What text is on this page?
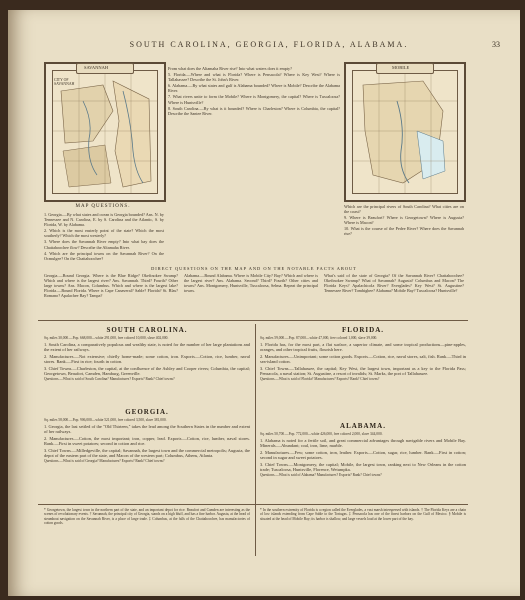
SOUTH CAROLINA, GEORGIA, FLORIDA, ALABAMA.	33
SAVANNAH
CITY OF SAVANNAH
MOBILE

From what does the Altamaha River rise? Into what waters does it empty?

5. Florida.—Where and what is Florida? Where is Pensacola? Where is Key West? Where is Tallahassee? Describe the St. John's River.

6. Alabama.—By what states and gulf is Alabama bounded? Where is Mobile? Describe the Alabama River.

7. What rivers unite to form the Mobile? Where is Montgomery, the capital? Where is Tuscaloosa? Where is Huntsville?

8. South Carolina.—By what is it bounded? Where is Charleston? Where is Columbia, the capital? Describe the Santee River.

MAP QUESTIONS.

1. Georgia.—By what states and ocean is Georgia bounded? Ans. N. by Tennessee and N. Carolina, E. by S. Carolina and the Atlantic, S. by Florida, W. by Alabama.

2. Which is the most easterly point of the state? Which the most southerly? Which the most westerly?

3. Where does the Savannah River empty? Into what bay does the Chattahoochee flow? Describe the Altamaha River.

4. Which are the principal towns on the Savannah River? On the Ocmulgee? On the Chattahoochee?

Which are the principal rivers of South Carolina? What cities are on the coast?

9. Where is Beaufort? Where is Georgetown? Where is Augusta? Where is Macon?

10. What is the course of the Pedee River? Where does the Savannah rise?

DIRECT QUESTIONS ON THE MAP AND ON THE NOTABLE FACTS ABOUT
Georgia.—Bound Georgia. Where is the Blue Ridge? Okefinokee Swamp? Which and where is the largest river? Ans. Savannah. Third? Fourth? Other large towns? Ans. Macon, Columbus. Which and where is the largest lake? Florida.—Bound Florida. Where is Cape Canaveral? Sable? Florida? St. Blas? Romano? Apalachee Bay? Tampa?
Alabama.—Bound Alabama. Where is Mobile City? Bay? Which and where is the largest river? Ans. Alabama. Second? Third? Fourth? Other cities and towns? Ans. Montgomery, Huntsville, Tuscaloosa, Selma. Repeat the principal towns.
What's said of the state of Georgia? Of the Savannah River? Chattahoochee? Okefinokee Swamp? What of Savannah? Augusta? Columbus and Macon? The Florida Keys? Apalachicola River? Everglades? Key West? St. Augustine? Tennessee River? Tombigbee? Alabama? Mobile Bay? Tuscaloosa? Huntsville?
SOUTH CAROLINA.
Sq. miles 30,000.—Pop. 668,000—white 291,000, free colored 10,000, slave 402,000.

1. South Carolina, a comparatively populous and wealthy state, is noted for the number of her large plantations and the extent of her railways.

2. Manufactures.—Not extensive; chiefly home-made; some cotton, iron. Exports.—Cotton, rice, lumber, naval stores. Rank.—First in rice; fourth in cotton.

3. Chief Towns.—Charleston, the capital, at the confluence of the Ashley and Cooper rivers; Columbia, the capital; Georgetown, Beaufort, Camden, Hamburg, Greenville.

Questions.—What is said of South Carolina? Manufactures? Exports? Rank? Chief towns?

GEORGIA.
Sq. miles 58,000.—Pop. 906,000—white 521,000, free colored 3,500, slave 381,000.

1. Georgia, the last settled of the "Old Thirteen," takes the lead among the Southern States in the number and extent of her railways.

2. Manufactures.—Cotton, the most important; iron, copper, lead. Exports.—Cotton, rice, lumber, naval stores. Rank.—First in sweet potatoes; second in cotton and rice.

3. Chief Towns.—Milledgeville, the capital; Savannah, the largest town and the commercial metropolis; Augusta, the depot of the eastern part of the state, and Macon of the western part; Columbus, Athens, Atlanta.

Questions.—What is said of Georgia? Manufactures? Exports? Rank? Chief towns?

FLORIDA.
Sq. miles 59,000.—Pop. 87,000—white 47,000, free colored 1,000, slave 39,000.

1. Florida has, for the most part, a flat surface, a superior climate, and some tropical productions—pine-apples, oranges, and other tropical fruits, flourish here.

2. Manufactures.—Unimportant; some cotton goods. Exports.—Cotton, rice, naval stores, salt, fish. Rank.—Third in sea-island cotton.

3. Chief Towns.—Tallahassee, the capital; Key West, the largest town, important as a key to the Florida Pass; Pensacola, a naval station; St. Augustine, a resort of invalids; St. Marks, the port of Tallahassee.

Questions.—What is said of Florida? Manufactures? Exports? Rank? Chief towns?

ALABAMA.
Sq. miles 50,700.—Pop. 772,000—white 426,000, free colored 2,000, slave 344,000.

1. Alabama is noted for a fertile soil, and great commercial advantages through navigable rivers and Mobile Bay. Minerals.—Abundant; coal, iron, lime, marble.

2. Manufactures.—Few; some cotton, iron, leather. Exports.—Cotton, sugar, rice, lumber. Rank.—First in cotton; second in sugar and sweet potatoes.

3. Chief Towns.—Montgomery, the capital; Mobile, the largest town, ranking next to New Orleans in the cotton trade; Tuscaloosa, Huntsville, Florence, Wetumpka.

Questions.—What is said of Alabama? Manufactures? Exports? Rank? Chief towns?

* Georgetown, the largest town in the northern part of the state, and an important depot for rice. Beaufort and Camden are interesting as the scenes of revolutionary events. † Savannah, the principal city of Georgia, stands on a high bluff, and has a fine harbor. Augusta, at the head of steamboat navigation on the Savannah River, is a place of large trade. ‡ Columbus, at the falls of the Chattahoochee, has manufactories of cotton goods.
* In the southern extremity of Florida is a region called the Everglades, a vast marsh interspersed with islands. † The Florida Keys are a chain of low islands extending from Cape Sable to the Tortugas. ‡ Pensacola has one of the finest harbors on the Gulf of Mexico. § Mobile is situated at the head of Mobile Bay; its harbor is shallow, and large vessels load at the lower part of the bay.
